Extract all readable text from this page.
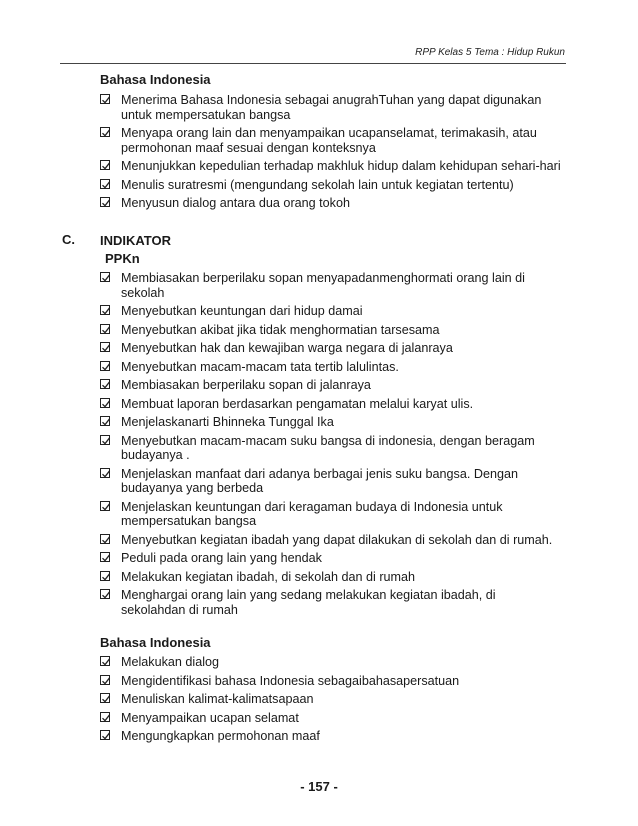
RPP Kelas 5 Tema : Hidup Rukun
Bahasa Indonesia
Menerima Bahasa Indonesia sebagai anugrahTuhan yang dapat digunakan untuk mempersatukan bangsa
Menyapa orang lain dan menyampaikan ucapanselamat, terimakasih, atau permohonan maaf sesuai dengan konteksnya
Menunjukkan kepedulian terhadap makhluk hidup dalam kehidupan sehari-hari
Menulis suratresmi (mengundang sekolah lain untuk kegiatan tertentu)
Menyusun dialog antara dua orang tokoh
C. INDIKATOR
PPKn
Membiasakan berperilaku sopan menyapadanmenghormati orang lain di sekolah
Menyebutkan keuntungan dari hidup damai
Menyebutkan akibat jika tidak menghormatian tarsesama
Menyebutkan hak dan kewajiban warga negara di jalanraya
Menyebutkan macam-macam tata tertib lalulintas.
Membiasakan berperilaku sopan di jalanraya
Membuat laporan berdasarkan pengamatan melalui karyat ulis.
Menjelaskanarti Bhinneka Tunggal Ika
Menyebutkan macam-macam suku bangsa di indonesia, dengan beragam budayanya .
Menjelaskan manfaat dari adanya berbagai jenis suku bangsa. Dengan budayanya yang berbeda
Menjelaskan keuntungan dari keragaman budaya di Indonesia untuk mempersatukan bangsa
Menyebutkan kegiatan ibadah yang dapat dilakukan di sekolah dan di rumah.
Peduli pada orang lain yang hendak
Melakukan kegiatan ibadah, di sekolah dan di rumah
Menghargai orang lain yang sedang melakukan kegiatan ibadah, di sekolahdan di rumah
Bahasa Indonesia
Melakukan dialog
Mengidentifikasi bahasa Indonesia sebagaibahasapersatuan
Menuliskan kalimat-kalimatsapaan
Menyampaikan ucapan selamat
Mengungkapkan permohonan maaf
- 157 -
